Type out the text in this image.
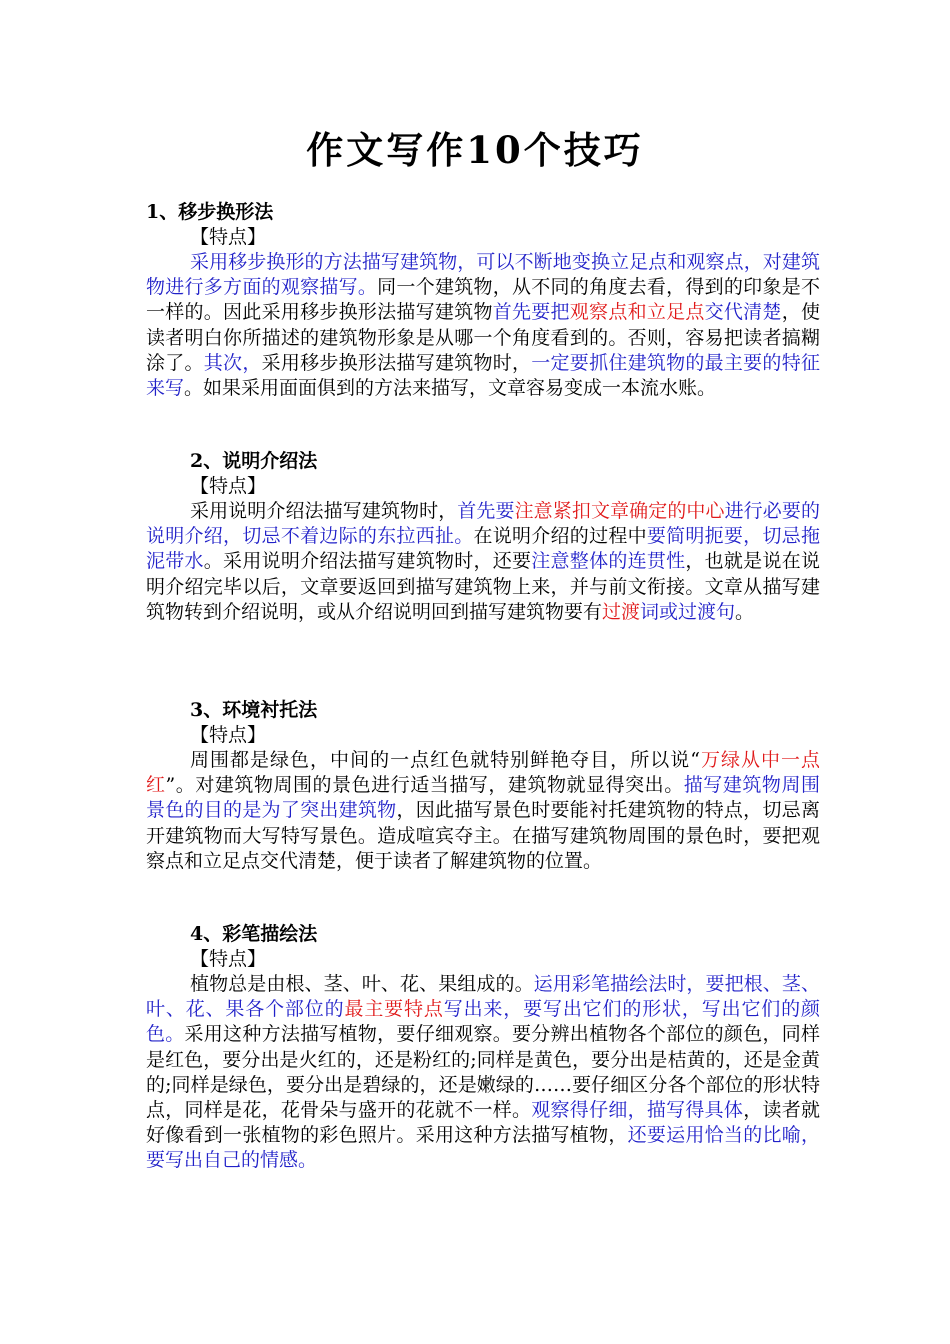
作文写作10个技巧
1、移步换形法
【特点】

采用移步换形的方法描写建筑物，可以不断地变换立足点和观察点，对建筑物进行多方面的观察描写。同一个建筑物，从不同的角度去看，得到的印象是不一样的。因此采用移步换形法描写建筑物首先要把观察点和立足点交代清楚，使读者明白你所描述的建筑物形象是从哪一个角度看到的。否则，容易把读者搞糊涂了。其次，采用移步换形法描写建筑物时，一定要抓住建筑物的最主要的特征来写。如果采用面面俱到的方法来描写，文章容易变成一本流水账。

2、说明介绍法
【特点】

采用说明介绍法描写建筑物时，首先要注意紧扣文章确定的中心进行必要的说明介绍，切忌不着边际的东拉西扯。在说明介绍的过程中要简明扼要，切忌拖泥带水。采用说明介绍法描写建筑物时，还要注意整体的连贯性，也就是说在说明介绍完毕以后，文章要返回到描写建筑物上来，并与前文衔接。文章从描写建筑物转到介绍说明，或从介绍说明回到描写建筑物要有过渡词或过渡句。

3、环境衬托法
【特点】

周围都是绿色，中间的一点红色就特别鲜艳夺目，所以说“万绿从中一点红”。对建筑物周围的景色进行适当描写，建筑物就显得突出。描写建筑物周围景色的目的是为了突出建筑物，因此描写景色时要能衬托建筑物的特点，切忌离开建筑物而大写特写景色。造成喧宾夺主。在描写建筑物周围的景色时，要把观察点和立足点交代清楚，便于读者了解建筑物的位置。

4、彩笔描绘法
【特点】

植物总是由根、茎、叶、花、果组成的。运用彩笔描绘法时，要把根、茎、叶、花、果各个部位的最主要特点写出来，要写出它们的形状，写出它们的颜色。采用这种方法描写植物，要仔细观察。要分辨出植物各个部位的颜色，同样是红色，要分出是火红的，还是粉红的;同样是黄色，要分出是桔黄的，还是金黄的;同样是绿色，要分出是碧绿的，还是嫩绿的……要仔细区分各个部位的形状特点，同样是花，花骨朵与盛开的花就不一样。观察得仔细，描写得具体，读者就好像看到一张植物的彩色照片。采用这种方法描写植物，还要运用恰当的比喻，要写出自己的情感。
